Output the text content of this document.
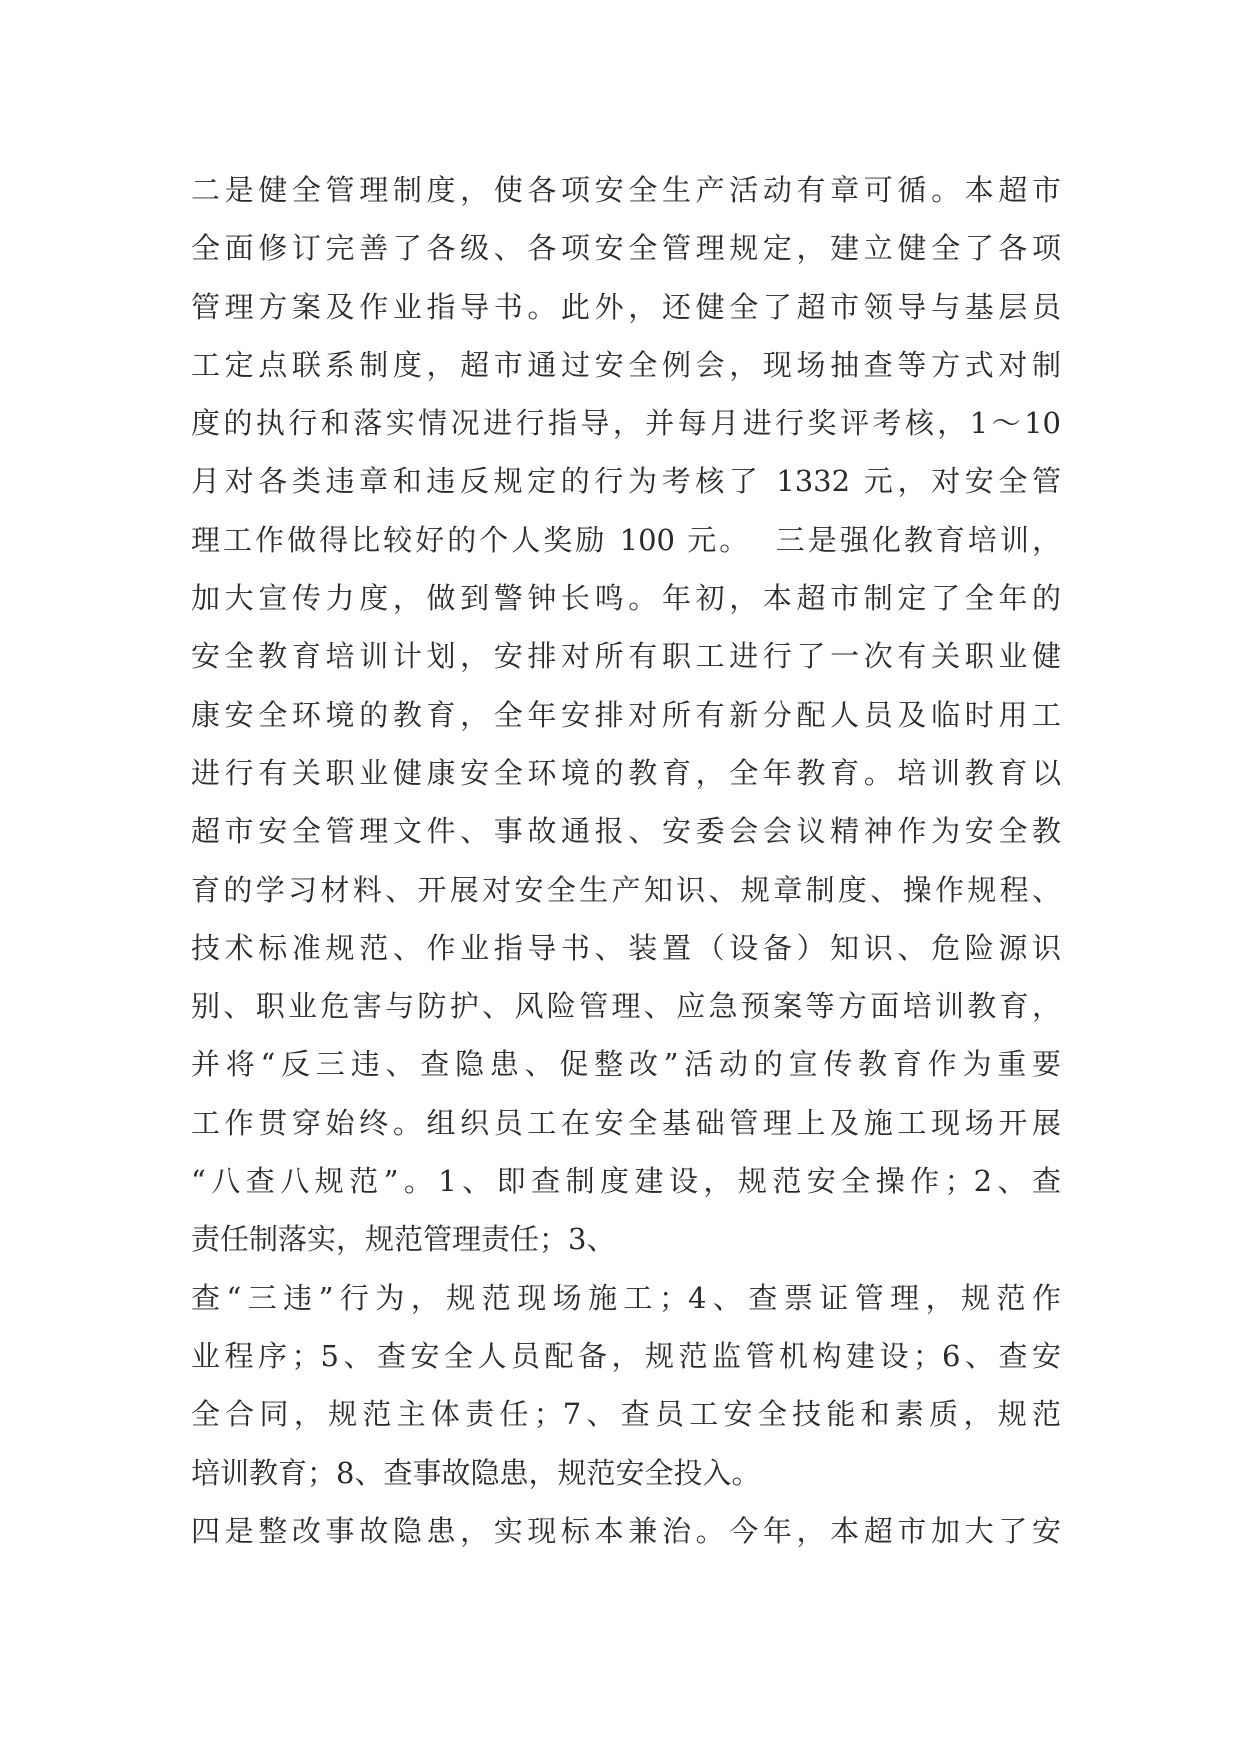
二是健全管理制度，使各项安全生产活动有章可循。本超市
全面修订完善了各级、各项安全管理规定，建立健全了各项
管理方案及作业指导书。此外，还健全了超市领导与基层员
工定点联系制度，超市通过安全例会，现场抽查等方式对制
度的执行和落实情况进行指导，并每月进行奖评考核，1～10
月对各类违章和违反规定的行为考核了 1332 元，对安全管
理工作做得比较好的个人奖励 100 元。  三是强化教育培训，
加大宣传力度，做到警钟长鸣。年初，本超市制定了全年的
安全教育培训计划，安排对所有职工进行了一次有关职业健
康安全环境的教育，全年安排对所有新分配人员及临时用工
进行有关职业健康安全环境的教育，全年教育。培训教育以
超市安全管理文件、事故通报、安委会会议精神作为安全教
育的学习材料、开展对安全生产知识、规章制度、操作规程、
技术标准规范、作业指导书、装置（设备）知识、危险源识
别、职业危害与防护、风险管理、应急预案等方面培训教育，
并将“反三违、查隐患、促整改”活动的宣传教育作为重要
工作贯穿始终。组织员工在安全基础管理上及施工现场开展
“八查八规范”。1、即查制度建设，规范安全操作；2、查
责任制落实，规范管理责任；3、
查“三违”行为，规范现场施工；4、查票证管理，规范作
业程序；5、查安全人员配备，规范监管机构建设；6、查安
全合同，规范主体责任；7、查员工安全技能和素质，规范
培训教育；8、查事故隐患，规范安全投入。
四是整改事故隐患，实现标本兼治。今年，本超市加大了安
